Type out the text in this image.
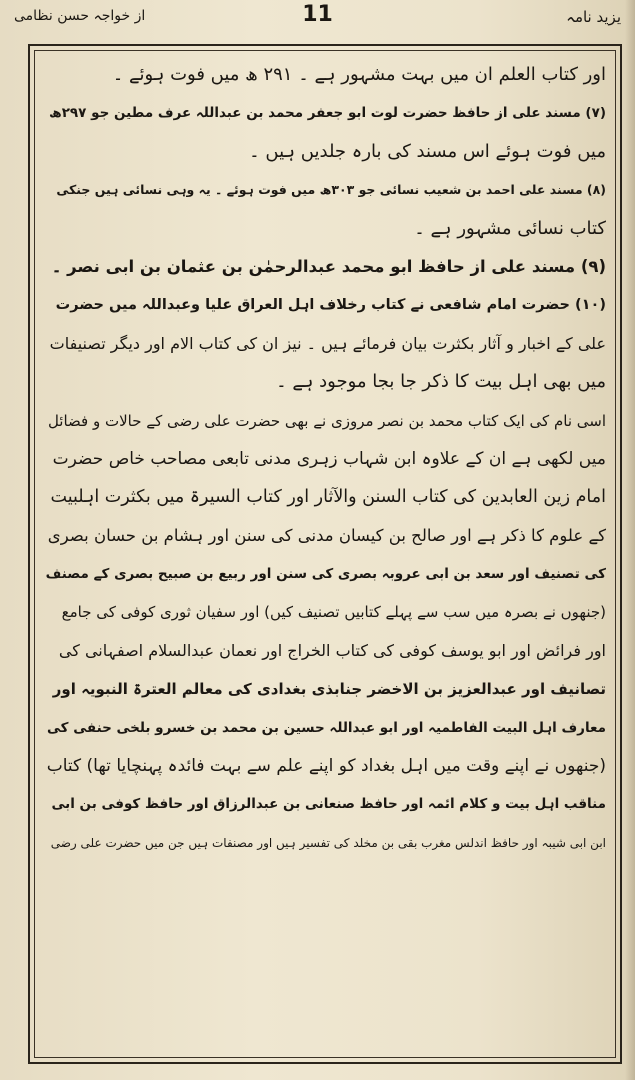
یزید نامہ
11
از خواجہ حسن نظامی
اور کتاب العلم ان میں بہت مشہور ہے ۔ ۲۹۱ ھ میں فوت ہوئے ۔
(۷) مسند علی از حافظ حضرت لوت ابو جعفر محمد بن عبداللہ عرف مطین جو ۲۹۷ھ
میں فوت ہوئے اس مسند کی بارہ جلدیں ہیں ۔
(۸) مسند علی احمد بن شعیب نسائی جو ۳۰۳ھ میں فوت ہوئے ۔ یہ وہی نسائی ہیں جنکی
کتاب نسائی مشہور ہے ۔
(۹) مسند علی از حافظ ابو محمد عبدالرحمٰن بن عثمان بن ابی نصر ۔
(۱۰) حضرت امام شافعی نے کتاب رخلاف اہل العراق علیا وعبداللہ میں حضرت
علی کے اخبار و آثار بکثرت بیان فرمائے ہیں ۔ نیز ان کی کتاب الام اور دیگر تصنیفات
میں بھی اہل بیت کا ذکر جا بجا موجود ہے ۔
اسی نام کی ایک کتاب محمد بن نصر مروزی نے بھی حضرت علی رضی کے حالات و فضائل
میں لکھی ہے ان کے علاوہ ابن شہاب زہری مدنی تابعی مصاحب خاص حضرت
امام زین العابدین کی کتاب السنن والآثار اور کتاب السیرۃ میں بکثرت اہلبیت
کے علوم کا ذکر ہے اور صالح بن کیسان مدنی کی سنن اور ہشام بن حسان بصری
کی تصنیف اور سعد بن ابی عروبہ بصری کی سنن اور ربیع بن صبیح بصری کے مصنف
(جنھوں نے بصرہ میں سب سے پہلے کتابیں تصنیف کیں) اور سفیان ثوری کوفی کی جامع
اور فرائض اور ابو یوسف کوفی کی کتاب الخراج اور نعمان عبدالسلام اصفہانی کی
تصانیف اور عبدالعزیز بن الاخضر جنابذی بغدادی کی معالم العترۃ النبویہ اور
معارف اہل البیت الفاطمیہ اور ابو عبداللہ حسین بن محمد بن خسرو بلخی حنفی کی
(جنھوں نے اپنے وقت میں اہل بغداد کو اپنے علم سے بہت فائدہ پہنچایا تھا) کتاب
مناقب اہل بیت و کلام ائمہ اور حافظ صنعانی بن عبدالرزاق اور حافظ کوفی بن ابی
ابن ابی شیبہ اور حافظ اندلس مغرب بقی بن مخلد کی تفسیر ہیں اور مصنفات ہیں جن میں حضرت علی رضی
